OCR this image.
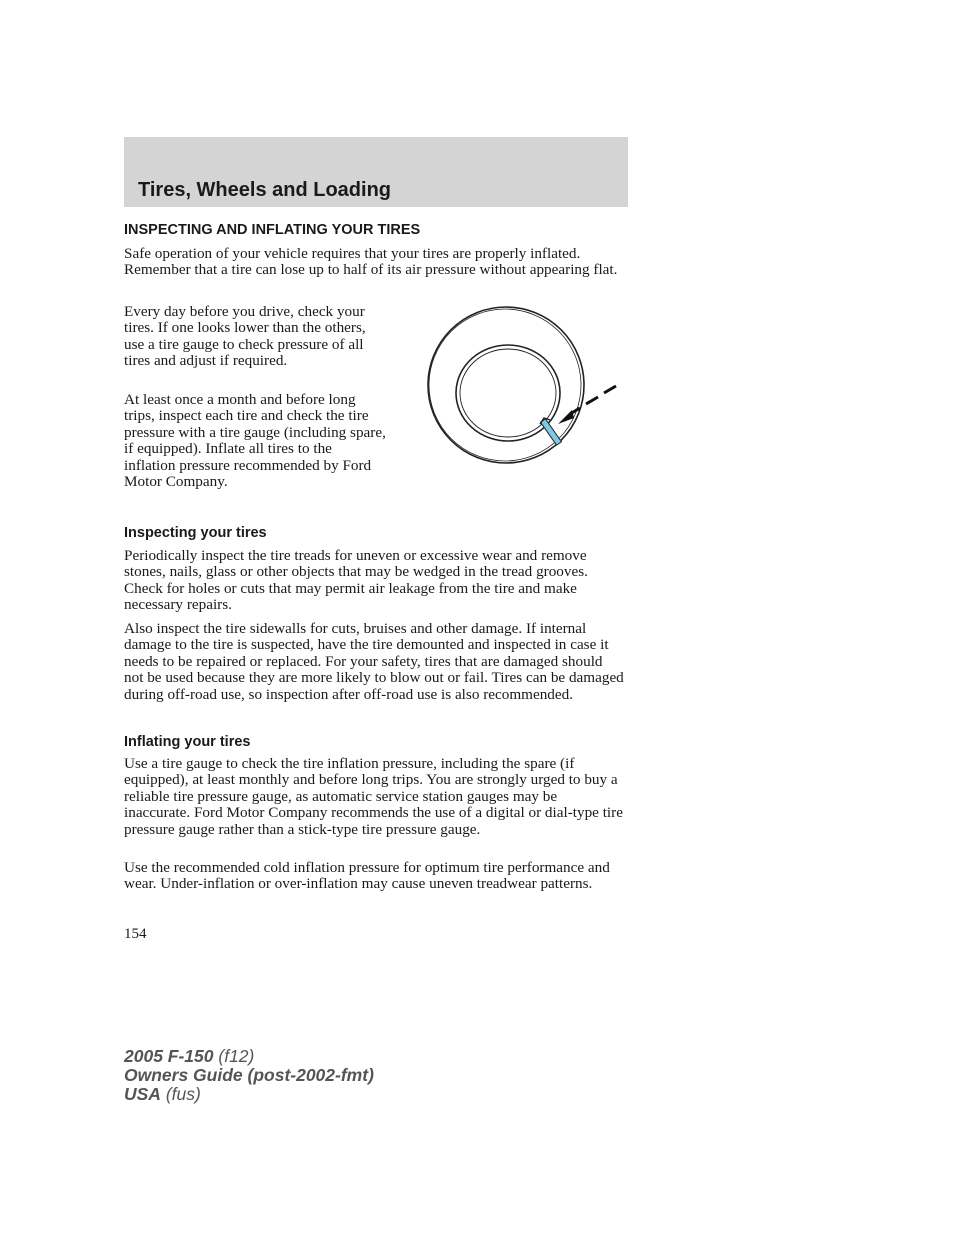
Tires, Wheels and Loading
INSPECTING AND INFLATING YOUR TIRES

Safe operation of your vehicle requires that your tires are properly inflated. Remember that a tire can lose up to half of its air pressure without appearing flat.

Every day before you drive, check your tires. If one looks lower than the others, use a tire gauge to check pressure of all tires and adjust if required.

At least once a month and before long trips, inspect each tire and check the tire pressure with a tire gauge (including spare, if equipped). Inflate all tires to the inflation pressure recommended by Ford Motor Company.

Inspecting your tires

Periodically inspect the tire treads for uneven or excessive wear and remove stones, nails, glass or other objects that may be wedged in the tread grooves. Check for holes or cuts that may permit air leakage from the tire and make necessary repairs.

Also inspect the tire sidewalls for cuts, bruises and other damage. If internal damage to the tire is suspected, have the tire demounted and inspected in case it needs to be repaired or replaced. For your safety, tires that are damaged should not be used because they are more likely to blow out or fail. Tires can be damaged during off-road use, so inspection after off-road use is also recommended.

Inflating your tires

Use a tire gauge to check the tire inflation pressure, including the spare (if equipped), at least monthly and before long trips. You are strongly urged to buy a reliable tire pressure gauge, as automatic service station gauges may be inaccurate. Ford Motor Company recommends the use of a digital or dial-type tire pressure gauge rather than a stick-type tire pressure gauge.

Use the recommended cold inflation pressure for optimum tire performance and wear. Under-inflation or over-inflation may cause uneven treadwear patterns.

154

2005 F-150 (f12)

Owners Guide (post-2002-fmt)

USA (fus)
